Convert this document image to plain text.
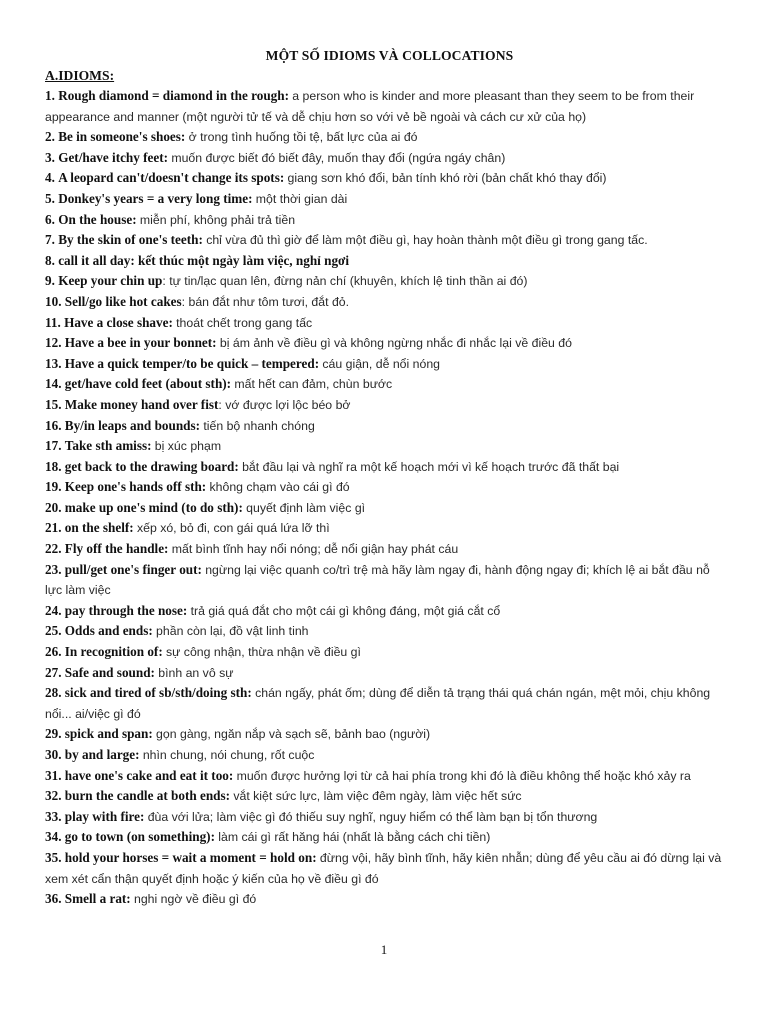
MỘT SỐ IDIOMS VÀ COLLOCATIONS
A.IDIOMS:
1. Rough diamond = diamond in the rough: a person who is kinder and more pleasant than they seem to be from their appearance and manner (một người tử tế và dễ chịu hơn so với vẻ bề ngoài và cách cư xử của họ)
2. Be in someone's shoes: ở trong tình huống tồi tệ, bất lực của ai đó
3. Get/have itchy feet: muốn được biết đó biết đây, muốn thay đổi (ngứa ngáy chân)
4. A leopard can't/doesn't change its spots: giang sơn khó đổi, bản tính khó rời (bản chất khó thay đổi)
5. Donkey's years = a very long time: một thời gian dài
6. On the house: miễn phí, không phải trả tiền
7. By the skin of one's teeth: chỉ vừa đủ thì giờ để làm một điều gì, hay hoàn thành một điều gì trong gang tấc.
8. call it all day: kết thúc một ngày làm việc, nghỉ ngơi
9. Keep your chin up: tự tin/lạc quan lên, đừng nản chí (khuyên, khích lệ tinh thần ai đó)
10. Sell/go like hot cakes: bán đắt như tôm tươi, đắt đỏ.
11. Have a close shave: thoát chết trong gang tấc
12. Have a bee in your bonnet: bị ám ảnh về điều gì và không ngừng nhắc đi nhắc lại về điều đó
13. Have a quick temper/to be quick – tempered: cáu giận, dễ nổi nóng
14. get/have cold feet (about sth): mất hết can đảm, chùn bước
15. Make money hand over fist: vớ được lợi lộc béo bở
16. By/in leaps and bounds: tiến bộ nhanh chóng
17. Take sth amiss: bị xúc phạm
18. get back to the drawing board: bắt đầu lại và nghĩ ra một kế hoạch mới vì kế hoạch trước đã thất bại
19. Keep one's hands off sth: không chạm vào cái gì đó
20. make up one's mind (to do sth): quyết định làm việc gì
21. on the shelf: xếp xó, bỏ đi, con gái quá lứa lỡ thì
22. Fly off the handle: mất bình tĩnh hay nổi nóng; dễ nổi giận hay phát cáu
23. pull/get one's finger out: ngừng lại việc quanh co/trì trệ mà hãy làm ngay đi, hành động ngay đi; khích lệ ai bắt đầu nỗ lực làm việc
24. pay through the nose: trả giá quá đắt cho một cái gì không đáng, một giá cắt cổ
25. Odds and ends: phần còn lại, đồ vật linh tinh
26. In recognition of: sự công nhận, thừa nhận về điều gì
27. Safe and sound: bình an vô sự
28. sick and tired of sb/sth/doing sth: chán ngấy, phát ốm; dùng để diễn tả trạng thái quá chán ngán, mệt mỏi, chịu không nổi... ai/việc gì đó
29. spick and span: gọn gàng, ngăn nắp và sạch sẽ, bảnh bao (người)
30. by and large: nhìn chung, nói chung, rốt cuộc
31. have one's cake and eat it too: muốn được hưởng lợi từ cả hai phía trong khi đó là điều không thể hoặc khó xảy ra
32. burn the candle at both ends: vắt kiệt sức lực, làm việc đêm ngày, làm việc hết sức
33. play with fire: đùa với lửa; làm việc gì đó thiếu suy nghĩ, nguy hiểm có thể làm bạn bị tổn thương
34. go to town (on something): làm cái gì rất hăng hái (nhất là bằng cách chi tiền)
35. hold your horses = wait a moment = hold on: đừng vội, hãy bình tĩnh, hãy kiên nhẫn; dùng để yêu cầu ai đó dừng lại và xem xét cẩn thận quyết định hoặc ý kiến của họ về điều gì đó
36. Smell a rat: nghi ngờ về điều gì đó
1
